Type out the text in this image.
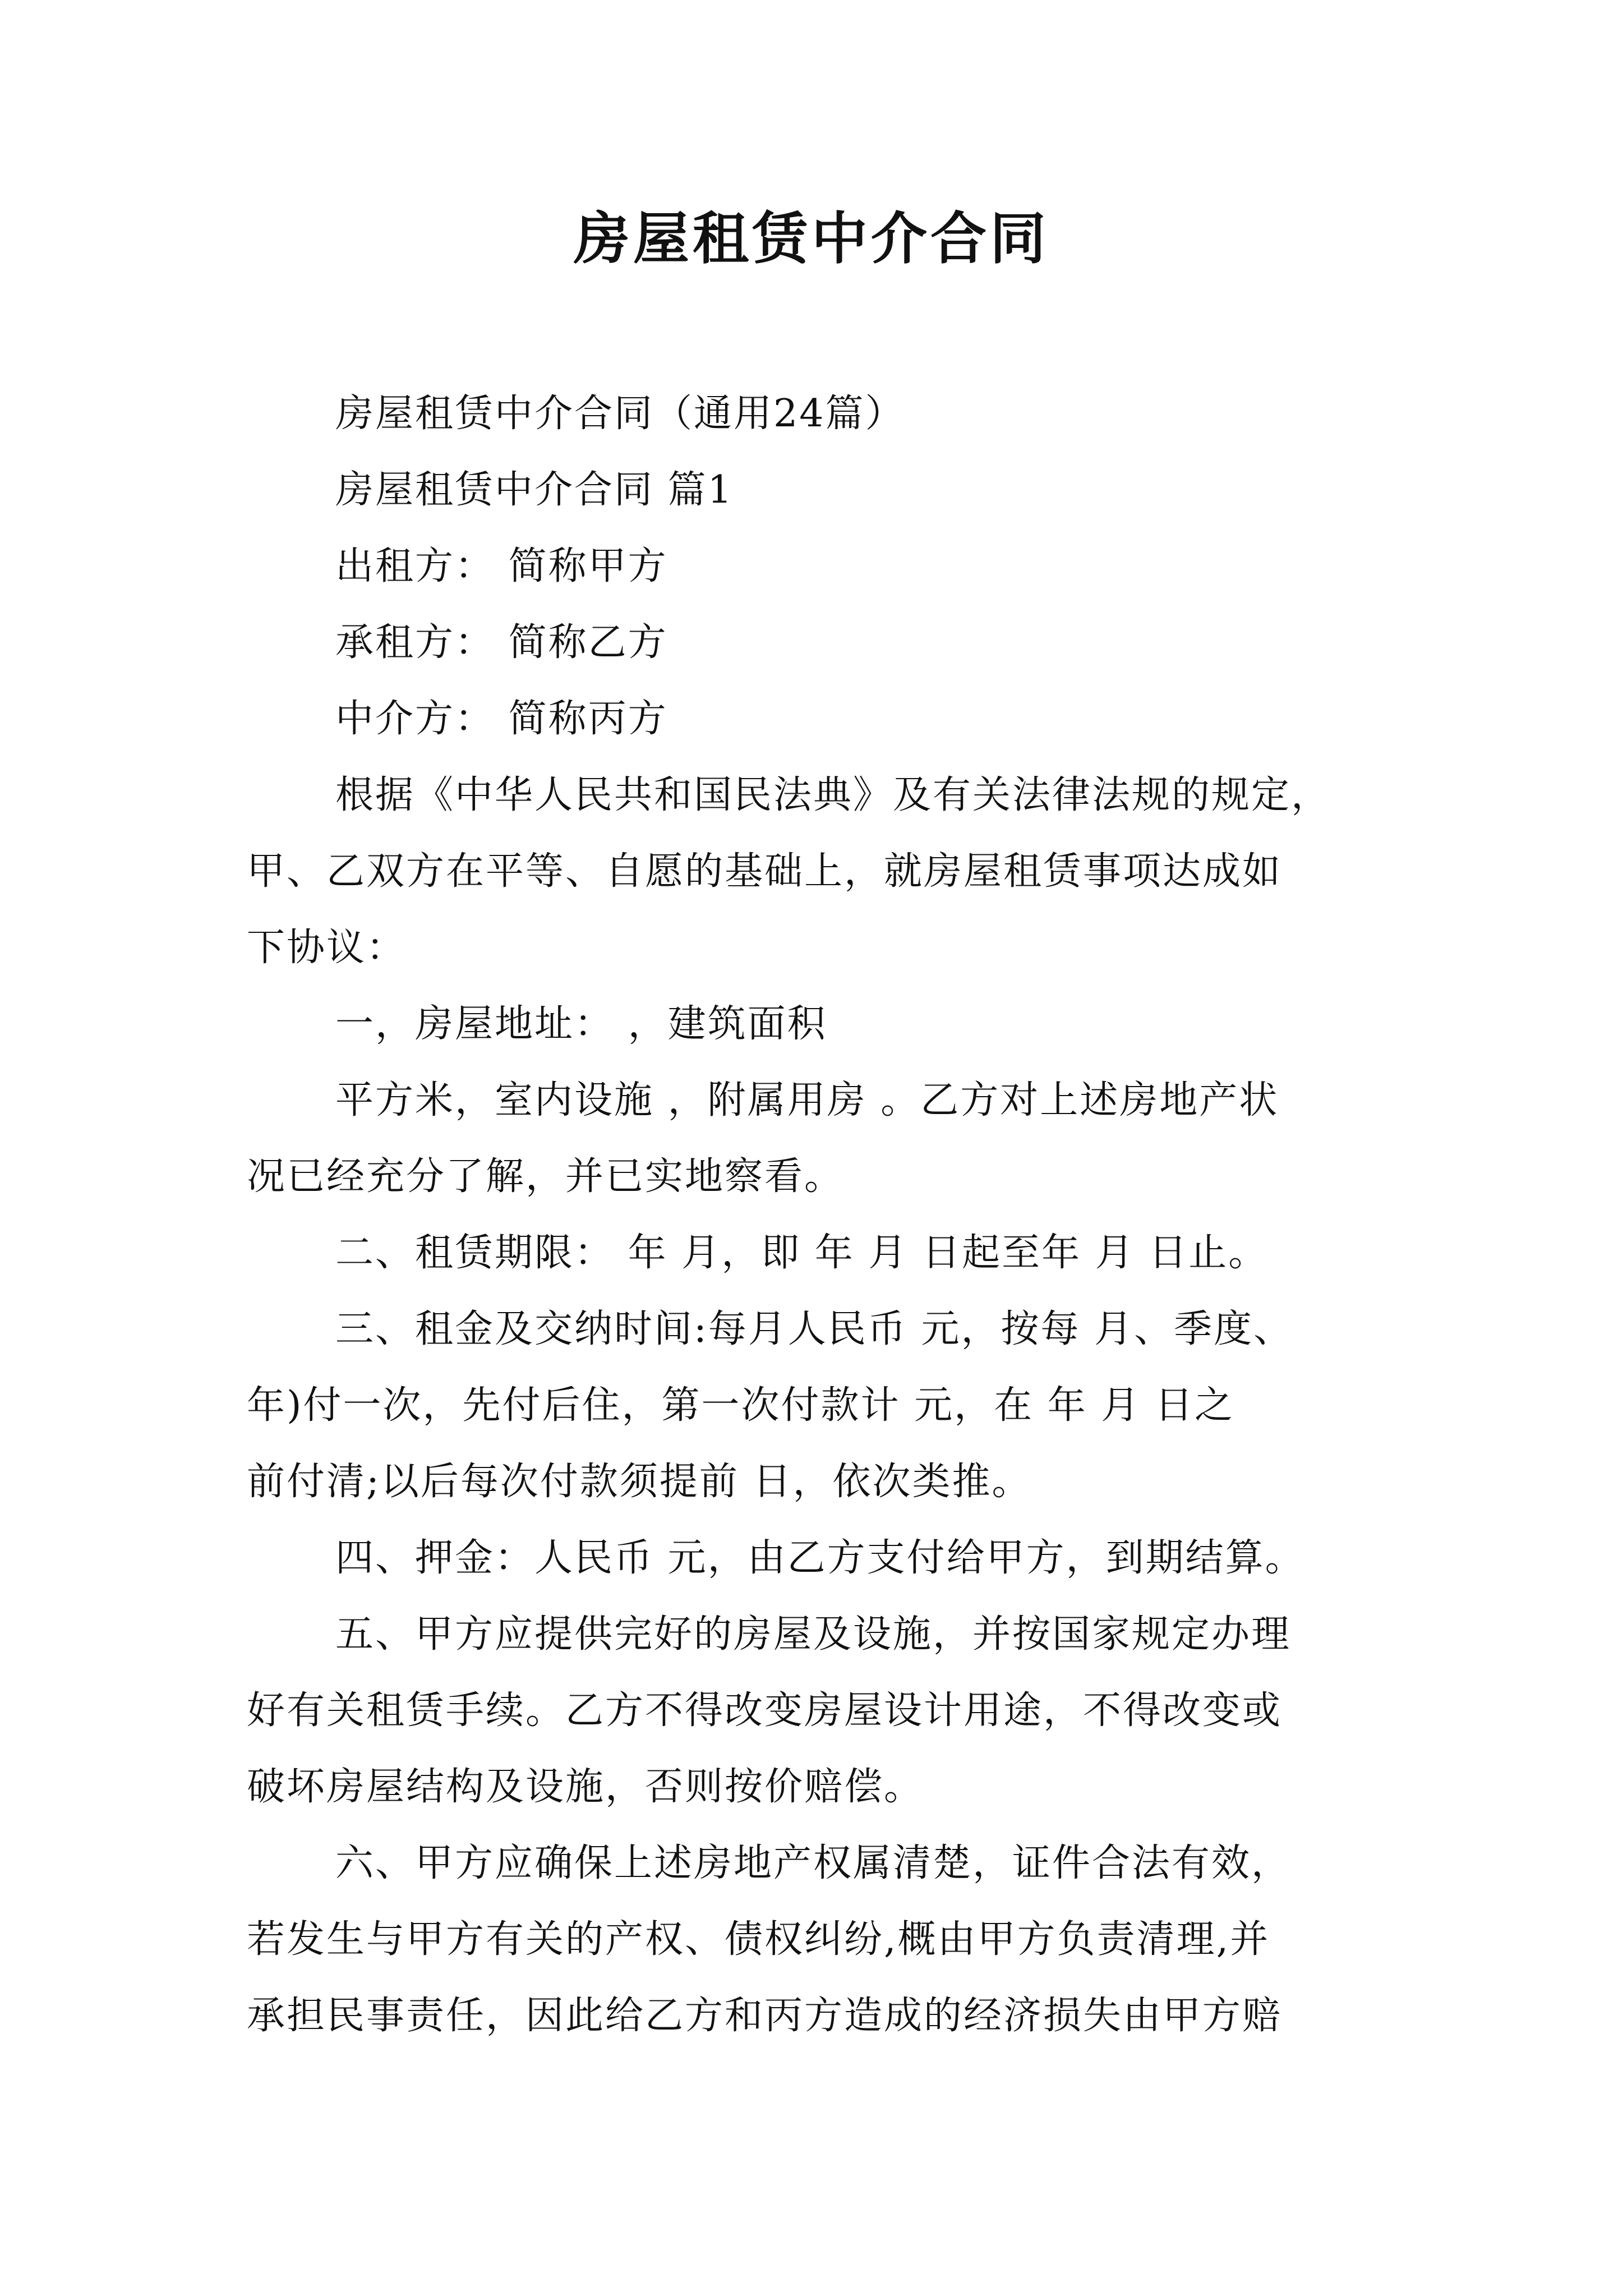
房屋租赁中介合同
房屋租赁中介合同（通用24篇）
房屋租赁中介合同 篇1
出租方： 简称甲方
承租方： 简称乙方
中介方： 简称丙方
根据《中华人民共和国民法典》及有关法律法规的规定，
甲、乙双方在平等、自愿的基础上，就房屋租赁事项达成如
下协议：
一，房屋地址： ，建筑面积
平方米，室内设施 ，附属用房 。乙方对上述房地产状
况已经充分了解，并已实地察看。
二、租赁期限： 年 月，即 年 月 日起至年 月 日止。
三、租金及交纳时间:每月人民币 元，按每 月、季度、
年)付一次，先付后住，第一次付款计 元，在 年 月 日之
前付清;以后每次付款须提前 日，依次类推。
四、押金：人民币 元，由乙方支付给甲方，到期结算。
五、甲方应提供完好的房屋及设施，并按国家规定办理
好有关租赁手续。乙方不得改变房屋设计用途，不得改变或
破坏房屋结构及设施，否则按价赔偿。
六、甲方应确保上述房地产权属清楚，证件合法有效，
若发生与甲方有关的产权、债权纠纷,概由甲方负责清理,并
承担民事责任，因此给乙方和丙方造成的经济损失由甲方赔
